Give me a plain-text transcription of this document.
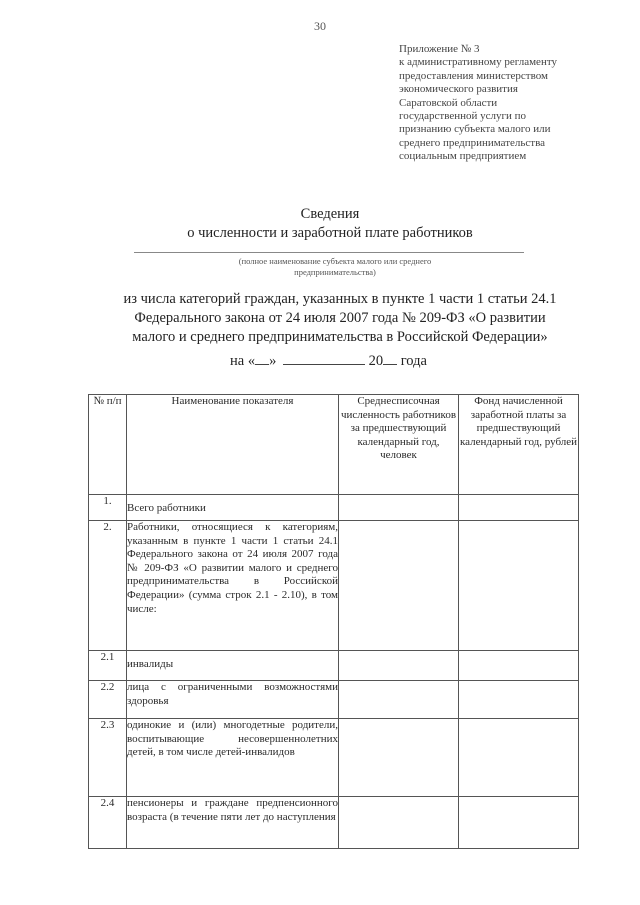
30
Приложение № 3
к административному регламенту
предоставления министерством
экономического развития
Саратовской области
государственной услуги по
признанию субъекта малого или
среднего предпринимательства
социальным предприятием
Сведения
о численности и заработной плате работников
(полное наименование субъекта малого или среднего
предпринимательства)
из числа категорий граждан, указанных в пункте 1 части 1 статьи 24.1
Федерального закона от 24 июля 2007 года № 209-ФЗ «О развитии
малого и среднего предпринимательства в Российской Федерации»
на « »	20 года
№ п/п	Наименование показателя	Среднесписочная численность работников за предшествующий календарный год, человек	Фонд начисленной заработной платы за предшествующий календарный год, рублей
1.	Всего работники		
2.	Работники, относящиеся к категориям, указанным в пункте 1 части 1 статьи 24.1 Федерального закона от 24 июля 2007 года № 209-ФЗ «О развитии малого и среднего предпринимательства в Российской Федерации» (сумма строк 2.1 - 2.10), в том числе:		
2.1	инвалиды		
2.2	лица с ограниченными возможностями здоровья		
2.3	одинокие и (или) многодетные родители, воспитывающие несовершеннолетних детей, в том числе детей-инвалидов		
2.4	пенсионеры и граждане предпенсионного возраста (в течение пяти лет до наступления		
